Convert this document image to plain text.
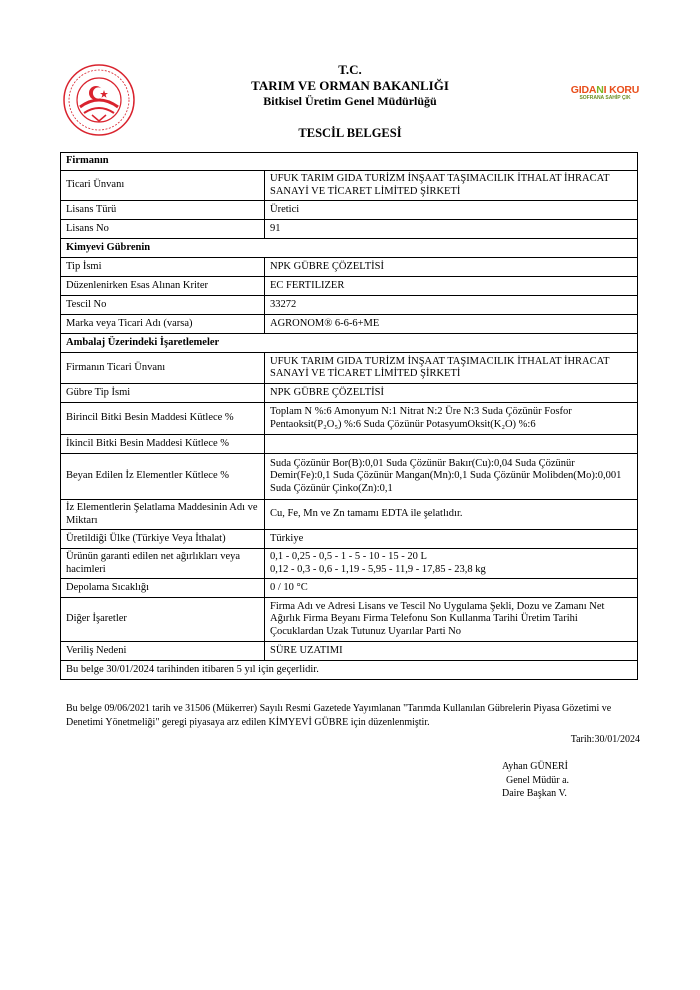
GIDANI KORU
SOFRANA SAHİP ÇIK
T.C.
TARIM VE ORMAN BAKANLIĞI
Bitkisel Üretim Genel Müdürlüğü
TESCİL BELGESİ
Firmanın	
Ticari Ünvanı	UFUK TARIM GIDA TURİZM İNŞAAT TAŞIMACILIK İTHALAT İHRACAT SANAYİ VE TİCARET LİMİTED ŞİRKETİ
Lisans Türü	Üretici
Lisans No	91
Kimyevi Gübrenin	
Tip İsmi	NPK GÜBRE ÇÖZELTİSİ
Düzenlenirken Esas Alınan Kriter	EC FERTILIZER
Tescil No	33272
Marka veya Ticari Adı (varsa)	AGRONOM® 6-6-6+ME
Ambalaj Üzerindeki İşaretlemeler	
Firmanın Ticari Ünvanı	UFUK TARIM GIDA TURİZM İNŞAAT TAŞIMACILIK İTHALAT İHRACAT SANAYİ VE TİCARET LİMİTED ŞİRKETİ
Gübre Tip İsmi	NPK GÜBRE ÇÖZELTİSİ
Birincil Bitki Besin Maddesi Kütlece %	Toplam N %:6 Amonyum N:1 Nitrat N:2 Üre N:3 Suda Çözünür Fosfor Pentaoksit(P₂O₅) %:6 Suda Çözünür PotasyumOksit(K₂O) %:6
İkincil Bitki Besin Maddesi Kütlece %	
Beyan Edilen İz Elementler Kütlece %	Suda Çözünür Bor(B):0,01 Suda Çözünür Bakır(Cu):0,04 Suda Çözünür Demir(Fe):0,1 Suda Çözünür Mangan(Mn):0,1 Suda Çözünür Molibden(Mo):0,001 Suda Çözünür Çinko(Zn):0,1
İz Elementlerin Şelatlama Maddesinin Adı ve Miktarı	Cu, Fe, Mn ve Zn tamamı EDTA ile şelatlıdır.
Üretildiği Ülke (Türkiye Veya İthalat)	Türkiye
Ürünün garanti edilen net ağırlıkları veya hacimleri	0,1 - 0,25 - 0,5 - 1 - 5 - 10 - 15 - 20 L
0,12 - 0,3 - 0,6 - 1,19 - 5,95 - 11,9 - 17,85 - 23,8 kg

Depolama Sıcaklığı	0 / 10 °C
Diğer İşaretler	Firma Adı ve Adresi Lisans ve Tescil No Uygulama Şekli, Dozu ve Zamanı Net Ağırlık Firma Beyanı Firma Telefonu Son Kullanma Tarihi Üretim Tarihi Çocuklardan Uzak Tutunuz Uyarılar Parti No
Veriliş Nedeni	SÜRE UZATIMI
Bu belge 30/01/2024 tarihinden itibaren 5 yıl için geçerlidir.	
Bu belge 09/06/2021 tarih ve 31506 (Mükerrer) Sayılı Resmi Gazetede Yayımlanan "Tarımda Kullanılan Gübrelerin Piyasa Gözetimi ve Denetimi Yönetmeliği" geregi piyasaya arz edilen KİMYEVİ GÜBRE için düzenlenmiştir.
Tarih:30/01/2024
Ayhan GÜNERİ
Genel Müdür a.
Daire Başkan V.
